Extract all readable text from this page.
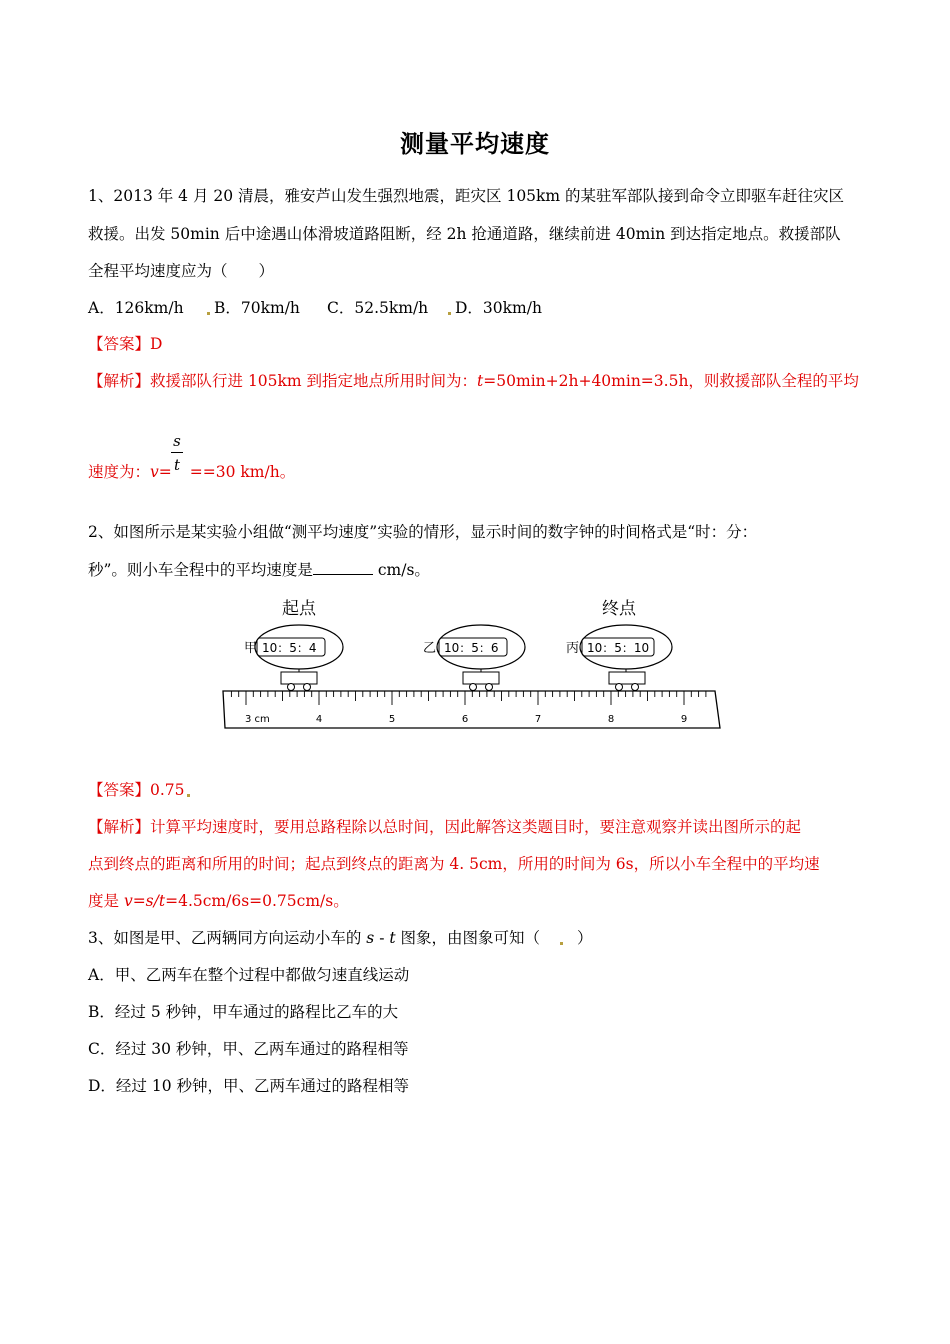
测量平均速度
1、2013 年 4 月 20 清晨，雅安芦山发生强烈地震，距灾区 105km 的某驻军部队接到命令立即驱车赶往灾区
救援。出发 50min 后中途遇山体滑坡道路阻断，经 2h 抢通道路，继续前进 40min 到达指定地点。救援部队
全程平均速度应为（　　）
A．126km/h B．70km/h C．52.5km/h D．30km/h
【答案】D
【解析】救援部队行进 105km 到指定地点所用时间为：t=50min+2h+40min=3.5h，则救援部队全程的平均
s
t
速度为：v= ==30 km/h。
2、如图所示是某实验小组做“测平均速度”实验的情形，显示时间的数字钟的时间格式是“时：分：
秒”。则小车全程中的平均速度是	cm/s。
起点	终点
甲 10：5：4	乙 10：5：6	丙 10：5：10
3 cm	4	5	6	7	8	9
【答案】0.75
【解析】计算平均速度时，要用总路程除以总时间，因此解答这类题目时，要注意观察并读出图所示的起
点到终点的距离和所用的时间；起点到终点的距离为 4. 5cm，所用的时间为 6s，所以小车全程中的平均速
度是 v=s/t=4.5cm/6s=0.75cm/s。
3、如图是甲、乙两辆同方向运动小车的 s - t 图象，由图象可知（ ）
A．甲、乙两车在整个过程中都做匀速直线运动
B．经过 5 秒钟，甲车通过的路程比乙车的大
C．经过 30 秒钟，甲、乙两车通过的路程相等
D．经过 10 秒钟，甲、乙两车通过的路程相等
